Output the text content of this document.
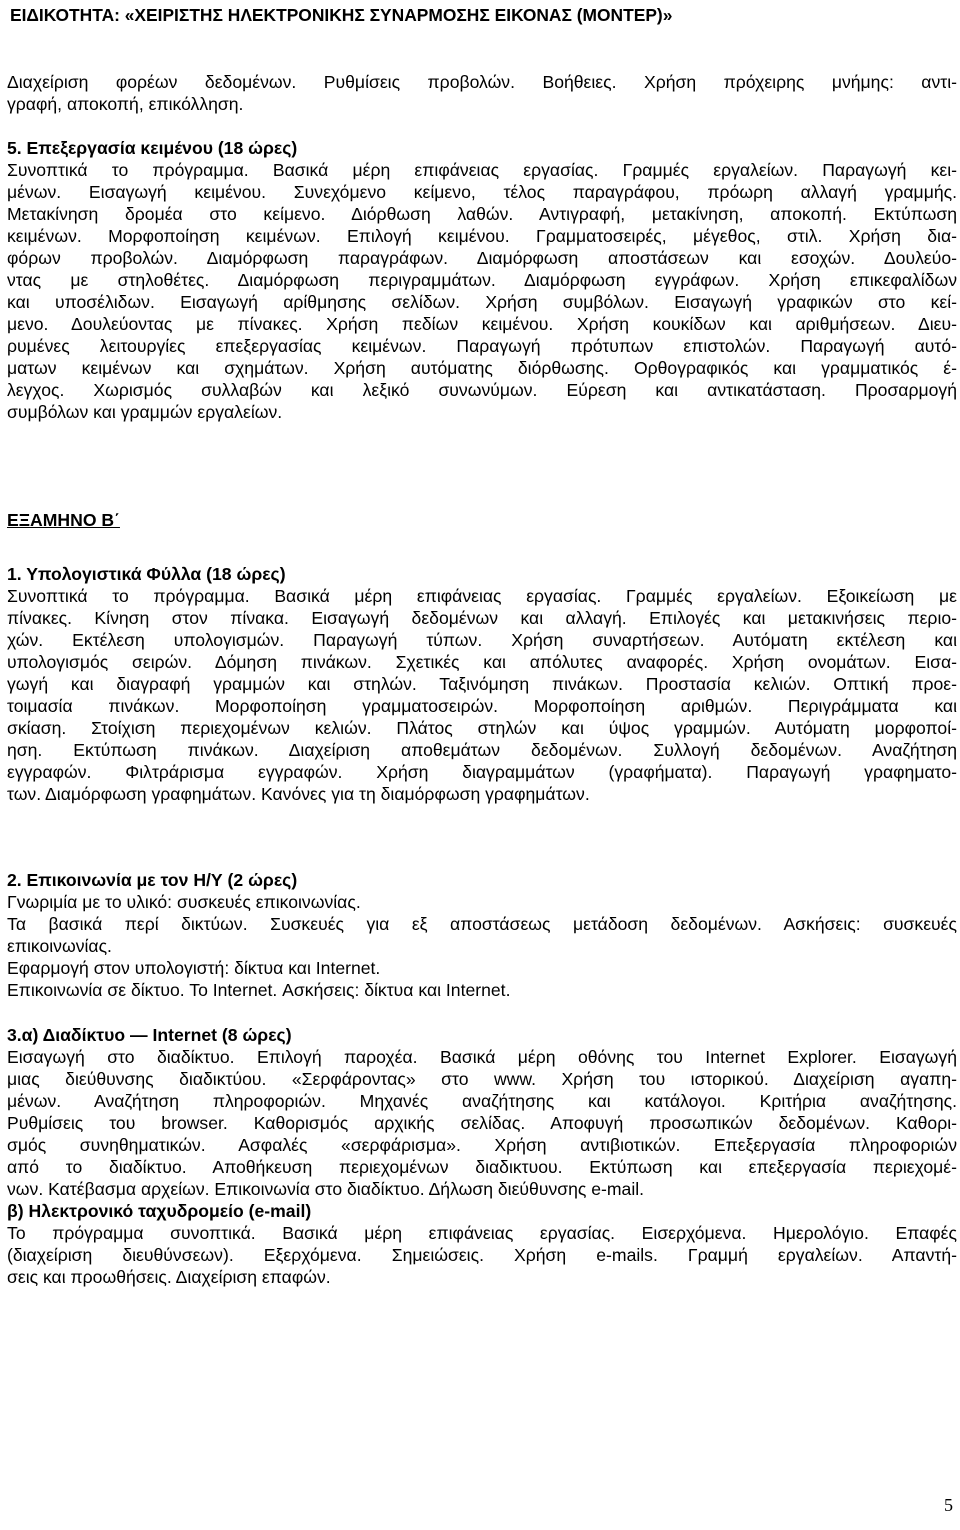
ΕΙΔΙΚΟΤΗΤΑ: «ΧΕΙΡΙΣΤΗΣ ΗΛΕΚΤΡΟΝΙΚΗΣ ΣΥΝΑΡΜΟΣΗΣ ΕΙΚΟΝΑΣ (ΜΟΝΤΕΡ)»
Διαχείριση φορέων δεδομένων. Ρυθμίσεις προβολών. Βοήθειες. Χρήση πρόχειρης μνήμης: αντι-
γραφή, αποκοπή, επικόλληση.
5. Επεξεργασία κειμένου (18 ώρες)
Συνοπτικά το πρόγραμμα. Βασικά μέρη επιφάνειας εργασίας. Γραμμές εργαλείων. Παραγωγή κει-
μένων. Εισαγωγή κειμένου. Συνεχόμενο κείμενο, τέλος παραγράφου, πρόωρη αλλαγή γραμμής.
Μετακίνηση δρομέα στο κείμενο. Διόρθωση λαθών. Αντιγραφή, μετακίνηση, αποκοπή. Εκτύπωση
κειμένων. Μορφοποίηση κειμένων. Επιλογή κειμένου. Γραμματοσειρές, μέγεθος, στιλ. Χρήση δια-
φόρων προβολών. Διαμόρφωση παραγράφων. Διαμόρφωση αποστάσεων και εσοχών. Δουλεύο-
ντας με στηλοθέτες. Διαμόρφωση περιγραμμάτων. Διαμόρφωση εγγράφων. Χρήση επικεφαλίδων
και υποσέλιδων. Εισαγωγή αρίθμησης σελίδων. Χρήση συμβόλων. Εισαγωγή γραφικών στο κεί-
μενο. Δουλεύοντας με πίνακες. Χρήση πεδίων κειμένου. Χρήση κουκίδων και αριθμήσεων. Διευ-
ρυμένες λειτουργίες επεξεργασίας κειμένων. Παραγωγή πρότυπων επιστολών. Παραγωγή αυτό-
ματων κειμένων και σχημάτων. Χρήση αυτόματης διόρθωσης. Ορθογραφικός και γραμματικός έ-
λεγχος. Χωρισμός συλλαβών και λεξικό συνωνύμων. Εύρεση και αντικατάσταση. Προσαρμογή
συμβόλων και γραμμών εργαλείων.
ΕΞΑΜΗΝΟ Β΄
1. Υπολογιστικά Φύλλα (18 ώρες)
Συνοπτικά το πρόγραμμα. Βασικά μέρη επιφάνειας εργασίας. Γραμμές εργαλείων. Εξοικείωση με
πίνακες. Κίνηση στον πίνακα. Εισαγωγή δεδομένων και αλλαγή. Επιλογές και μετακινήσεις περιο-
χών. Εκτέλεση υπολογισμών. Παραγωγή τύπων. Χρήση συναρτήσεων. Αυτόματη εκτέλεση και
υπολογισμός σειρών. Δόμηση πινάκων. Σχετικές και απόλυτες αναφορές. Χρήση ονομάτων. Εισα-
γωγή και διαγραφή γραμμών και στηλών. Ταξινόμηση πινάκων. Προστασία κελιών. Οπτική προε-
τοιμασία πινάκων. Μορφοποίηση γραμματοσειρών. Μορφοποίηση αριθμών. Περιγράμματα και
σκίαση. Στοίχιση περιεχομένων κελιών. Πλάτος στηλών και ύψος γραμμών. Αυτόματη μορφοποί-
ηση. Εκτύπωση πινάκων. Διαχείριση αποθεμάτων δεδομένων. Συλλογή δεδομένων. Αναζήτηση
εγγραφών. Φιλτράρισμα εγγραφών. Χρήση διαγραμμάτων (γραφήματα). Παραγωγή γραφηματο-
των. Διαμόρφωση γραφημάτων. Κανόνες για τη διαμόρφωση γραφημάτων.
2. Επικοινωνία με τον Η/Υ (2 ώρες)
Γνωριμία με το υλικό: συσκευές επικοινωνίας.
Τα βασικά περί δικτύων. Συσκευές για εξ αποστάσεως μετάδοση δεδομένων. Ασκήσεις: συσκευές
επικοινωνίας.
Εφαρμογή στον υπολογιστή: δίκτυα και Internet.
Επικοινωνία σε δίκτυο. Το Internet. Ασκήσεις: δίκτυα και Internet.
3.α) Διαδίκτυο — Internet (8 ώρες)
Εισαγωγή στο διαδίκτυο. Επιλογή παροχέα. Βασικά μέρη οθόνης του Internet Explorer. Εισαγωγή
μιας διεύθυνσης διαδικτύου. «Σερφάροντας» στο www. Χρήση του ιστορικού. Διαχείριση αγαπη-
μένων. Αναζήτηση πληροφοριών. Μηχανές αναζήτησης και κατάλογοι. Κριτήρια αναζήτησης.
Ρυθμίσεις του browser. Καθορισμός αρχικής σελίδας. Αποφυγή προσωπικών δεδομένων. Καθορι-
σμός συνηθηματικών. Ασφαλές «σερφάρισμα». Χρήση αντιβιοτικών. Επεξεργασία πληροφοριών
από το διαδίκτυο. Αποθήκευση περιεχομένων διαδικτυου. Εκτύπωση και επεξεργασία περιεχομέ-
νων. Κατέβασμα αρχείων. Επικοινωνία στο διαδίκτυο. Δήλωση διεύθυνσης e-mail.
β) Ηλεκτρονικό ταχυδρομείο (e-mail)
Το πρόγραμμα συνοπτικά. Βασικά μέρη επιφάνειας εργασίας. Εισερχόμενα. Ημερολόγιο. Επαφές
(διαχείριση διευθύνσεων). Εξερχόμενα. Σημειώσεις. Χρήση e-mails. Γραμμή εργαλείων. Απαντή-
σεις και προωθήσεις. Διαχείριση επαφών.
5
